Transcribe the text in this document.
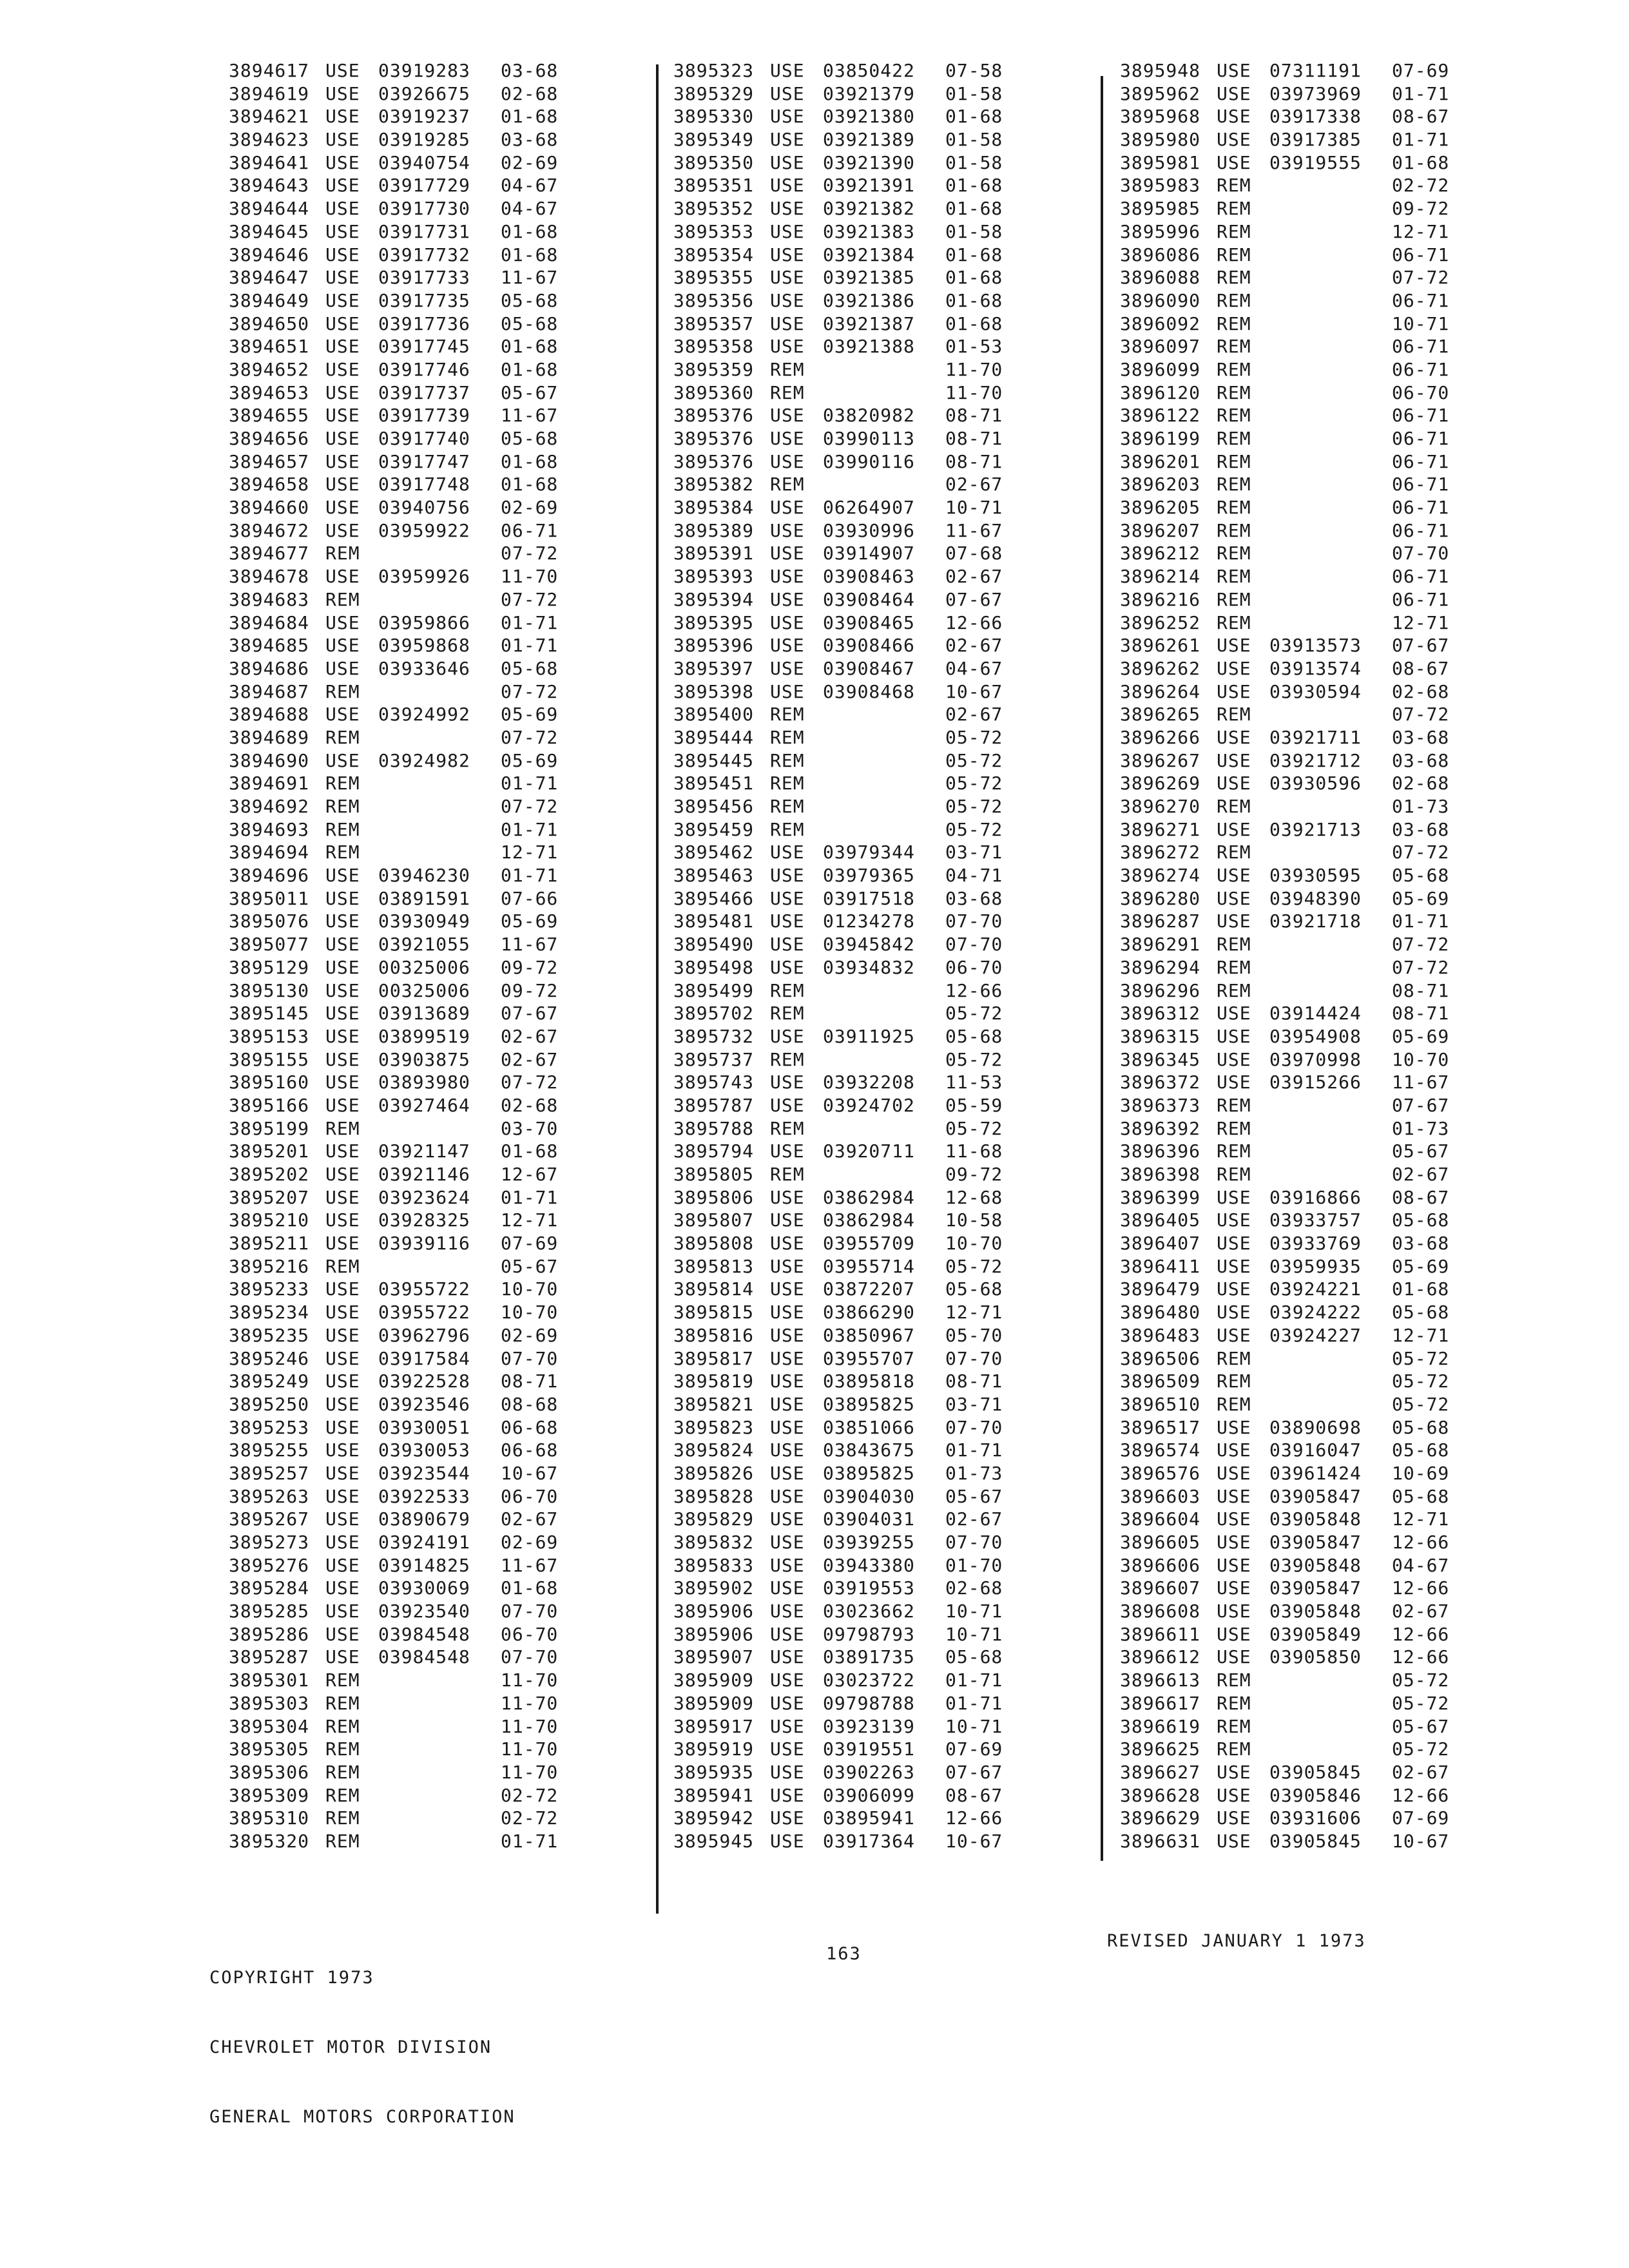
3894617 USE 03919283 03-68
3894619 USE 03926675 02-68
3894621 USE 03919237 01-68
3894623 USE 03919285 03-68
3894641 USE 03940754 02-69
3894643 USE 03917729 04-67
3894644 USE 03917730 04-67
3894645 USE 03917731 01-68
3894646 USE 03917732 01-68
3894647 USE 03917733 11-67
3894649 USE 03917735 05-68
3894650 USE 03917736 05-68
3894651 USE 03917745 01-68
3894652 USE 03917746 01-68
3894653 USE 03917737 05-67
3894655 USE 03917739 11-67
3894656 USE 03917740 05-68
3894657 USE 03917747 01-68
3894658 USE 03917748 01-68
3894660 USE 03940756 02-69
3894672 USE 03959922 06-71
3894677 REM	07-72
3894678 USE 03959926 11-70
3894683 REM	07-72
3894684 USE 03959866 01-71
3894685 USE 03959868 01-71
3894686 USE 03933646 05-68
3894687 REM	07-72
3894688 USE 03924992 05-69
3894689 REM	07-72
3894690 USE 03924982 05-69
3894691 REM	01-71
3894692 REM	07-72
3894693 REM	01-71
3894694 REM	12-71
3894696 USE 03946230 01-71
3895011 USE 03891591 07-66
3895076 USE 03930949 05-69
3895077 USE 03921055 11-67
3895129 USE 00325006 09-72
3895130 USE 00325006 09-72
3895145 USE 03913689 07-67
3895153 USE 03899519 02-67
3895155 USE 03903875 02-67
3895160 USE 03893980 07-72
3895166 USE 03927464 02-68
3895199 REM	03-70
3895201 USE 03921147 01-68
3895202 USE 03921146 12-67
3895207 USE 03923624 01-71
3895210 USE 03928325 12-71
3895211 USE 03939116 07-69
3895216 REM	05-67
3895233 USE 03955722 10-70
3895234 USE 03955722 10-70
3895235 USE 03962796 02-69
3895246 USE 03917584 07-70
3895249 USE 03922528 08-71
3895250 USE 03923546 08-68
3895253 USE 03930051 06-68
3895255 USE 03930053 06-68
3895257 USE 03923544 10-67
3895263 USE 03922533 06-70
3895267 USE 03890679 02-67
3895273 USE 03924191 02-69
3895276 USE 03914825 11-67
3895284 USE 03930069 01-68
3895285 USE 03923540 07-70
3895286 USE 03984548 06-70
3895287 USE 03984548 07-70
3895301 REM	11-70
3895303 REM	11-70
3895304 REM	11-70
3895305 REM	11-70
3895306 REM	11-70
3895309 REM	02-72
3895310 REM	02-72
3895320 REM	01-71
3895323 USE 03850422 07-58
3895329 USE 03921379 01-58
3895330 USE 03921380 01-68
3895349 USE 03921389 01-58
3895350 USE 03921390 01-58
3895351 USE 03921391 01-68
3895352 USE 03921382 01-68
3895353 USE 03921383 01-58
3895354 USE 03921384 01-68
3895355 USE 03921385 01-68
3895356 USE 03921386 01-68
3895357 USE 03921387 01-68
3895358 USE 03921388 01-53
3895359 REM	11-70
3895360 REM	11-70
3895376 USE 03820982 08-71
3895376 USE 03990113 08-71
3895376 USE 03990116 08-71
3895382 REM	02-67
3895384 USE 06264907 10-71
3895389 USE 03930996 11-67
3895391 USE 03914907 07-68
3895393 USE 03908463 02-67
3895394 USE 03908464 07-67
3895395 USE 03908465 12-66
3895396 USE 03908466 02-67
3895397 USE 03908467 04-67
3895398 USE 03908468 10-67
3895400 REM	02-67
3895444 REM	05-72
3895445 REM	05-72
3895451 REM	05-72
3895456 REM	05-72
3895459 REM	05-72
3895462 USE 03979344 03-71
3895463 USE 03979365 04-71
3895466 USE 03917518 03-68
3895481 USE 01234278 07-70
3895490 USE 03945842 07-70
3895498 USE 03934832 06-70
3895499 REM	12-66
3895702 REM	05-72
3895732 USE 03911925 05-68
3895737 REM	05-72
3895743 USE 03932208 11-53
3895787 USE 03924702 05-59
3895788 REM	05-72
3895794 USE 03920711 11-68
3895805 REM	09-72
3895806 USE 03862984 12-68
3895807 USE 03862984 10-58
3895808 USE 03955709 10-70
3895813 USE 03955714 05-72
3895814 USE 03872207 05-68
3895815 USE 03866290 12-71
3895816 USE 03850967 05-70
3895817 USE 03955707 07-70
3895819 USE 03895818 08-71
3895821 USE 03895825 03-71
3895823 USE 03851066 07-70
3895824 USE 03843675 01-71
3895826 USE 03895825 01-73
3895828 USE 03904030 05-67
3895829 USE 03904031 02-67
3895832 USE 03939255 07-70
3895833 USE 03943380 01-70
3895902 USE 03919553 02-68
3895906 USE 03023662 10-71
3895906 USE 09798793 10-71
3895907 USE 03891735 05-68
3895909 USE 03023722 01-71
3895909 USE 09798788 01-71
3895917 USE 03923139 10-71
3895919 USE 03919551 07-69
3895935 USE 03902263 07-67
3895941 USE 03906099 08-67
3895942 USE 03895941 12-66
3895945 USE 03917364 10-67
3895948 USE 07311191 07-69
3895962 USE 03973969 01-71
3895968 USE 03917338 08-67
3895980 USE 03917385 01-71
3895981 USE 03919555 01-68
3895983 REM	02-72
3895985 REM	09-72
3895996 REM	12-71
3896086 REM	06-71
3896088 REM	07-72
3896090 REM	06-71
3896092 REM	10-71
3896097 REM	06-71
3896099 REM	06-71
3896120 REM	06-70
3896122 REM	06-71
3896199 REM	06-71
3896201 REM	06-71
3896203 REM	06-71
3896205 REM	06-71
3896207 REM	06-71
3896212 REM	07-70
3896214 REM	06-71
3896216 REM	06-71
3896252 REM	12-71
3896261 USE 03913573 07-67
3896262 USE 03913574 08-67
3896264 USE 03930594 02-68
3896265 REM	07-72
3896266 USE 03921711 03-68
3896267 USE 03921712 03-68
3896269 USE 03930596 02-68
3896270 REM	01-73
3896271 USE 03921713 03-68
3896272 REM	07-72
3896274 USE 03930595 05-68
3896280 USE 03948390 05-69
3896287 USE 03921718 01-71
3896291 REM	07-72
3896294 REM	07-72
3896296 REM	08-71
3896312 USE 03914424 08-71
3896315 USE 03954908 05-69
3896345 USE 03970998 10-70
3896372 USE 03915266 11-67
3896373 REM	07-67
3896392 REM	01-73
3896396 REM	05-67
3896398 REM	02-67
3896399 USE 03916866 08-67
3896405 USE 03933757 05-68
3896407 USE 03933769 03-68
3896411 USE 03959935 05-69
3896479 USE 03924221 01-68
3896480 USE 03924222 05-68
3896483 USE 03924227 12-71
3896506 REM	05-72
3896509 REM	05-72
3896510 REM	05-72
3896517 USE 03890698 05-68
3896574 USE 03916047 05-68
3896576 USE 03961424 10-69
3896603 USE 03905847 05-68
3896604 USE 03905848 12-71
3896605 USE 03905847 12-66
3896606 USE 03905848 04-67
3896607 USE 03905847 12-66
3896608 USE 03905848 02-67
3896611 USE 03905849 12-66
3896612 USE 03905850 12-66
3896613 REM	05-72
3896617 REM	05-72
3896619 REM	05-67
3896625 REM	05-72
3896627 USE 03905845 02-67
3896628 USE 03905846 12-66
3896629 USE 03931606 07-69
3896631 USE 03905845 10-67

COPYRIGHT 1973

CHEVROLET MOTOR DIVISION

GENERAL MOTORS CORPORATION

163
REVISED JANUARY 1 1973
